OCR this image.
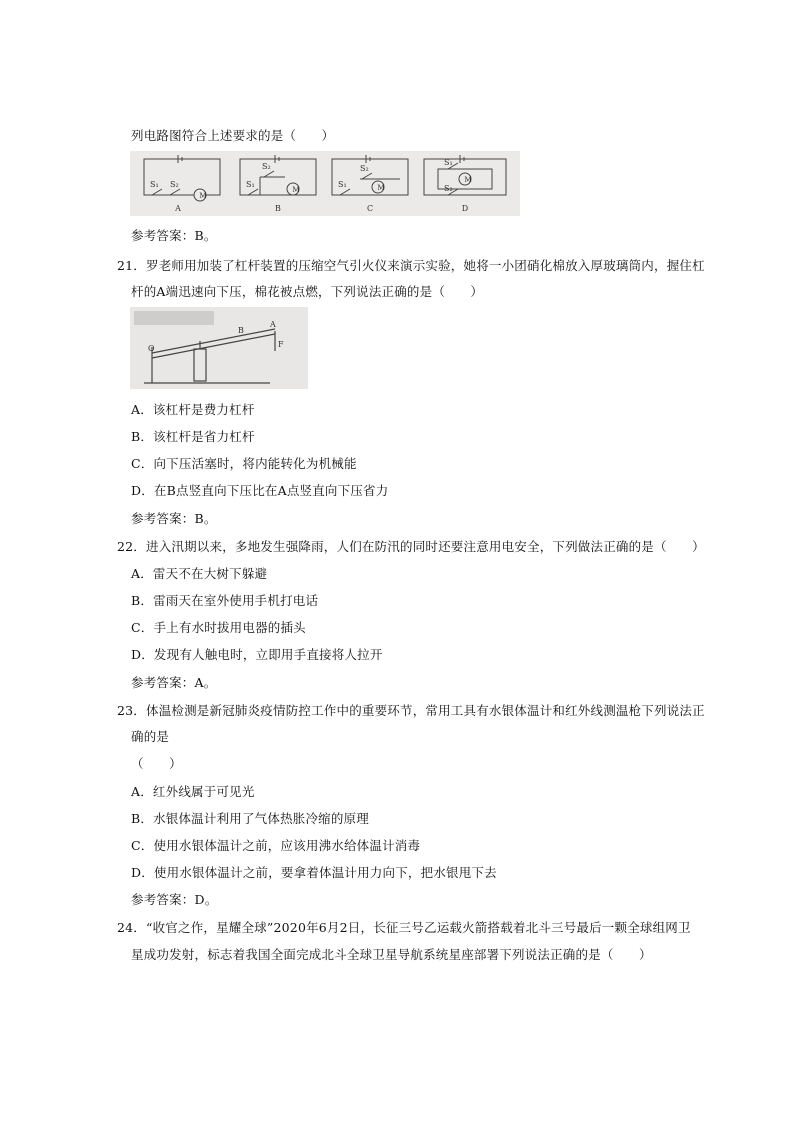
列电路图符合上述要求的是（　　）
M
M	M
M
S₁ S₂	S₁
S₂
S₁
S₂
S₁
S₂
A	B	C	D
参考答案：B。
21．罗老师用加装了杠杆装置的压缩空气引火仪来演示实验，她将一小团硝化棉放入厚玻璃筒内，握住杠
杆的A端迅速向下压，棉花被点燃，下列说法正确的是（　　）
O
B
A
F
A．该杠杆是费力杠杆
B．该杠杆是省力杠杆
C．向下压活塞时，将内能转化为机械能
D．在B点竖直向下压比在A点竖直向下压省力
参考答案：B。
22．进入汛期以来，多地发生强降雨，人们在防汛的同时还要注意用电安全，下列做法正确的是（　　）
A．雷天不在大树下躲避
B．雷雨天在室外使用手机打电话
C．手上有水时拔用电器的插头
D．发现有人触电时，立即用手直接将人拉开
参考答案：A。
23．体温检测是新冠肺炎疫情防控工作中的重要环节，常用工具有水银体温计和红外线测温枪下列说法正
确的是
（　　）
A．红外线属于可见光
B．水银体温计利用了气体热胀冷缩的原理
C．使用水银体温计之前，应该用沸水给体温计消毒
D．使用水银体温计之前，要拿着体温计用力向下，把水银甩下去
参考答案：D。
24．“收官之作，星耀全球”2020年6月2日，长征三号乙运载火箭搭载着北斗三号最后一颗全球组网卫
星成功发射，标志着我国全面完成北斗全球卫星导航系统星座部署下列说法正确的是（　　）
